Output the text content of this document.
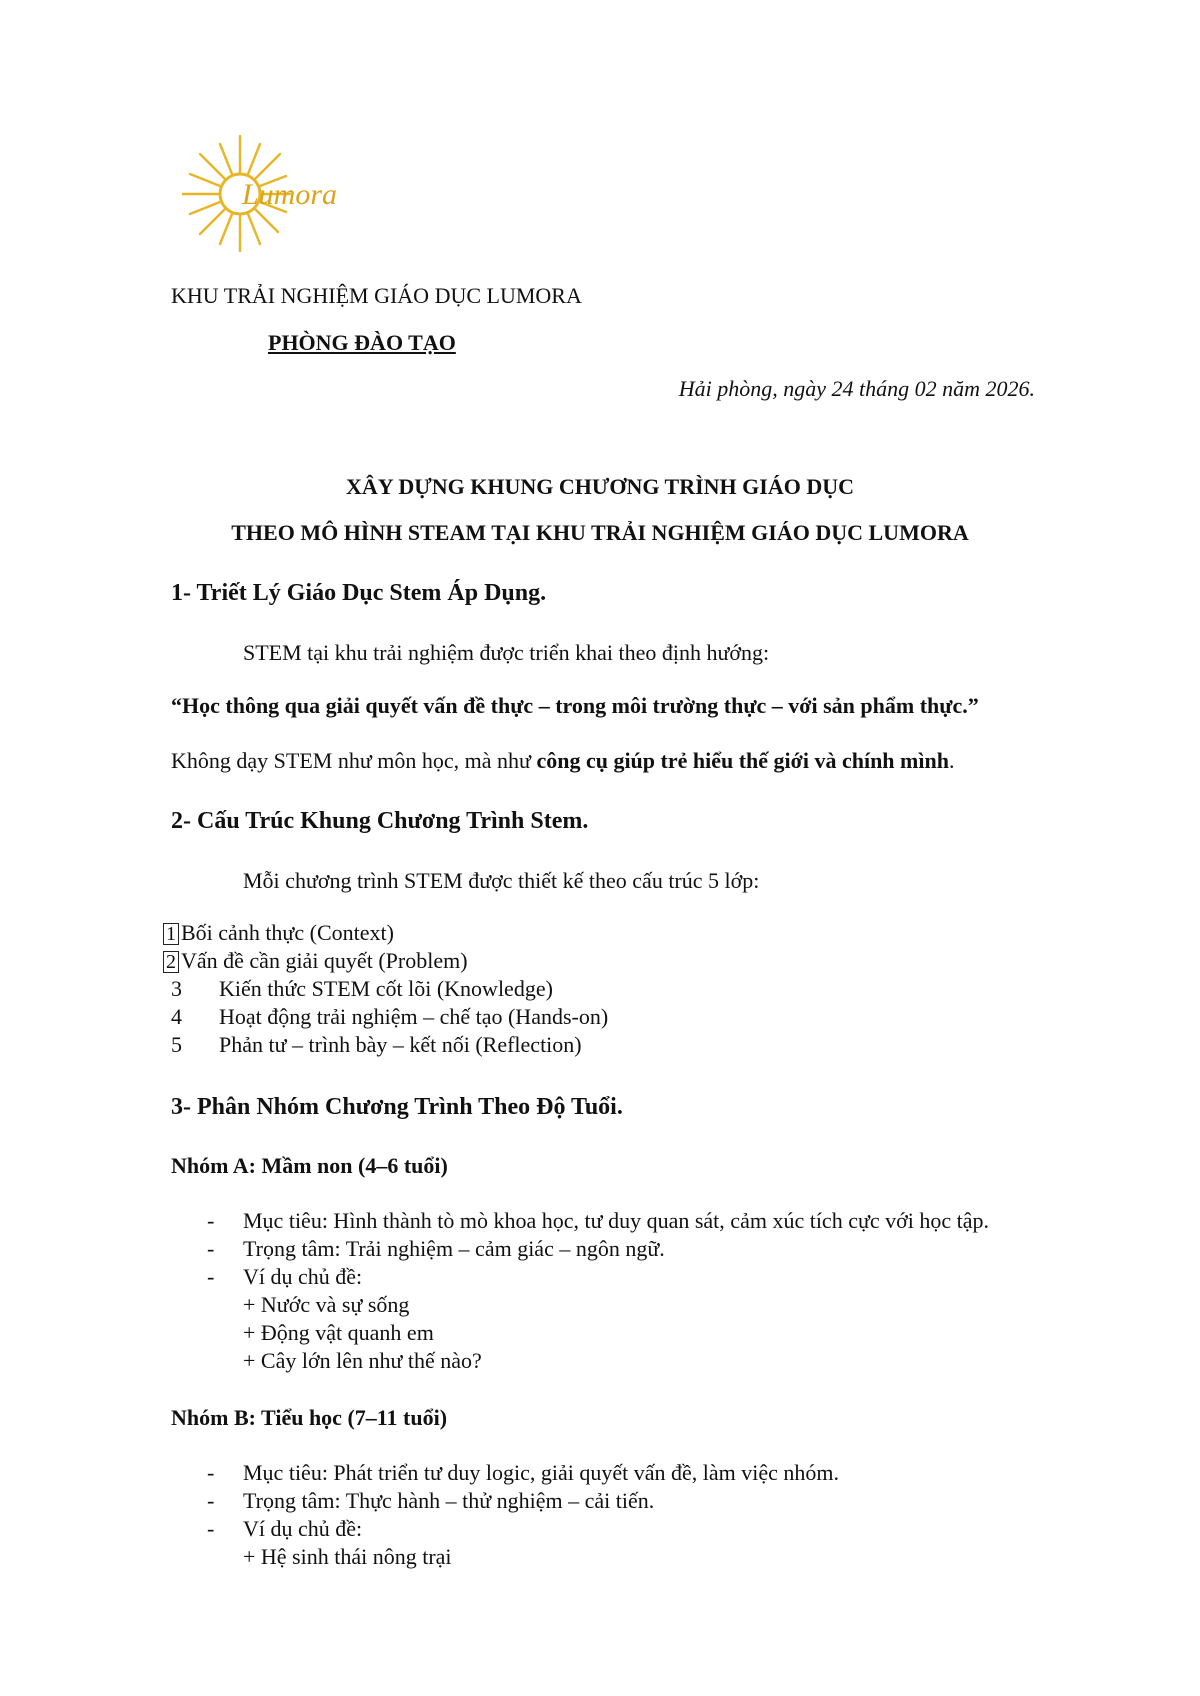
Lumora
KHU TRẢI NGHIỆM GIÁO DỤC LUMORA
PHÒNG ĐÀO TẠO
Hải phòng, ngày 24 tháng 02 năm 2026.
XÂY DỰNG KHUNG CHƯƠNG TRÌNH GIÁO DỤC
THEO MÔ HÌNH STEAM TẠI KHU TRẢI NGHIỆM GIÁO DỤC LUMORA
1- Triết Lý Giáo Dục Stem Áp Dụng.
STEM tại khu trải nghiệm được triển khai theo định hướng:
“Học thông qua giải quyết vấn đề thực – trong môi trường thực – với sản phẩm thực.”
Không dạy STEM như môn học, mà như công cụ giúp trẻ hiểu thế giới và chính mình.
2- Cấu Trúc Khung Chương Trình Stem.
Mỗi chương trình STEM được thiết kế theo cấu trúc 5 lớp:
1 Bối cảnh thực (Context)
2 Vấn đề cần giải quyết (Problem)
3 Kiến thức STEM cốt lõi (Knowledge)
4 Hoạt động trải nghiệm – chế tạo (Hands-on)
5 Phản tư – trình bày – kết nối (Reflection)
3- Phân Nhóm Chương Trình Theo Độ Tuổi.
Nhóm A: Mầm non (4–6 tuổi)
- Mục tiêu: Hình thành tò mò khoa học, tư duy quan sát, cảm xúc tích cực với học tập.
- Trọng tâm: Trải nghiệm – cảm giác – ngôn ngữ.
- Ví dụ chủ đề:
+ Nước và sự sống
+ Động vật quanh em
+ Cây lớn lên như thế nào?
Nhóm B: Tiểu học (7–11 tuổi)
- Mục tiêu: Phát triển tư duy logic, giải quyết vấn đề, làm việc nhóm.
- Trọng tâm: Thực hành – thử nghiệm – cải tiến.
- Ví dụ chủ đề:
+ Hệ sinh thái nông trại
